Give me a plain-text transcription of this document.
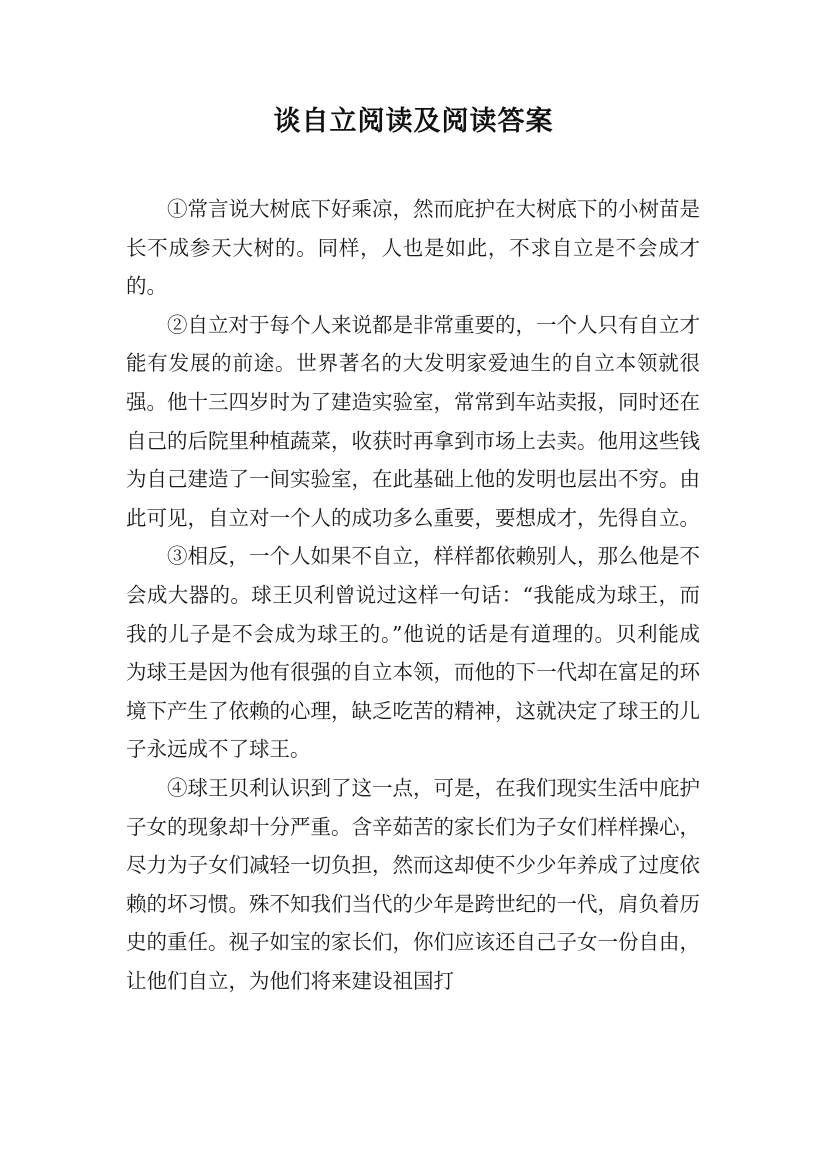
谈自立阅读及阅读答案

①常言说大树底下好乘凉，然而庇护在大树底下的小树苗是长不成参天大树的。同样，人也是如此，不求自立是不会成才的。

②自立对于每个人来说都是非常重要的，一个人只有自立才能有发展的前途。世界著名的大发明家爱迪生的自立本领就很强。他十三四岁时为了建造实验室，常常到车站卖报，同时还在自己的后院里种植蔬菜，收获时再拿到市场上去卖。他用这些钱为自己建造了一间实验室，在此基础上他的发明也层出不穷。由此可见，自立对一个人的成功多么重要，要想成才，先得自立。

③相反，一个人如果不自立，样样都依赖别人，那么他是不会成大器的。球王贝利曾说过这样一句话：“我能成为球王，而我的儿子是不会成为球王的。”他说的话是有道理的。贝利能成为球王是因为他有很强的自立本领，而他的下一代却在富足的环境下产生了依赖的心理，缺乏吃苦的精神，这就决定了球王的儿子永远成不了球王。

④球王贝利认识到了这一点，可是，在我们现实生活中庇护子女的现象却十分严重。含辛茹苦的家长们为子女们样样操心，尽力为子女们减轻一切负担，然而这却使不少少年养成了过度依赖的坏习惯。殊不知我们当代的少年是跨世纪的一代，肩负着历史的重任。视子如宝的家长们，你们应该还自己子女一份自由，让他们自立，为他们将来建设祖国打
